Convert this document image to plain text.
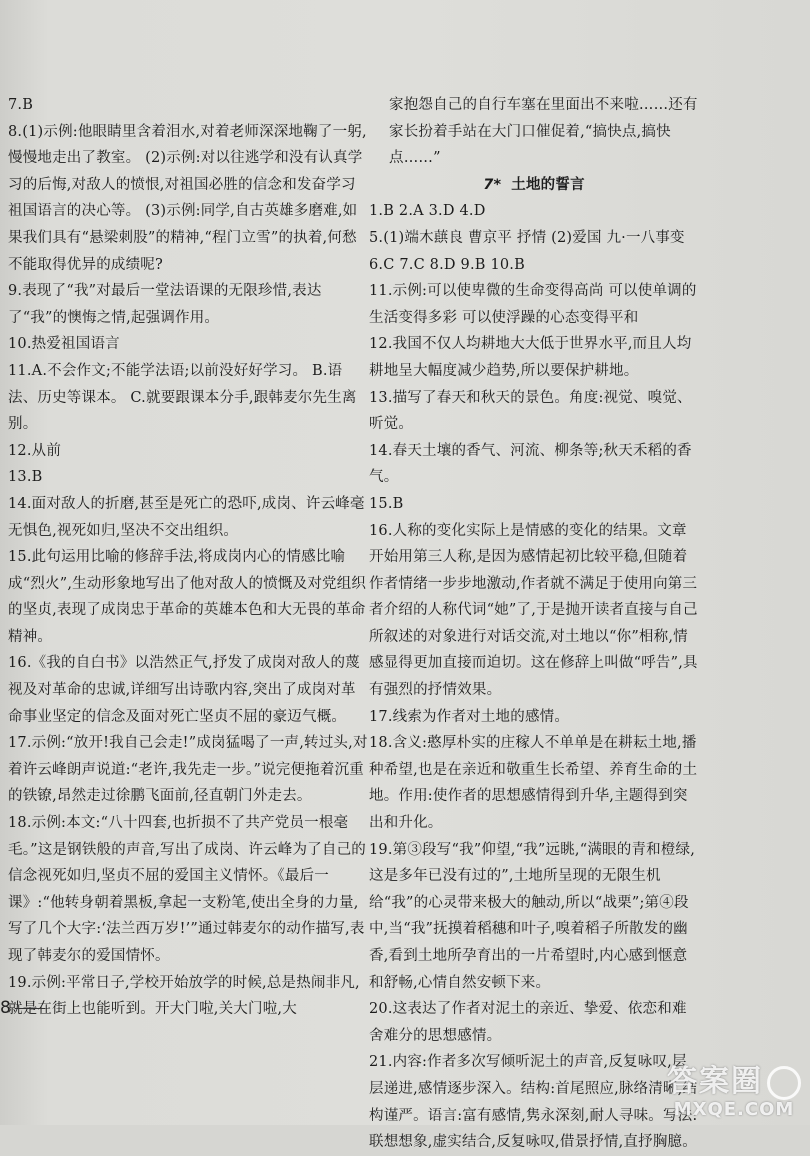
7.B
8.(1)示例:他眼睛里含着泪水,对着老师深深地鞠了一躬,慢慢地走出了教室。 (2)示例:对以往逃学和没有认真学习的后悔,对敌人的愤恨,对祖国必胜的信念和发奋学习祖国语言的决心等。 (3)示例:同学,自古英雄多磨难,如果我们具有“悬梁刺股”的精神,“程门立雪”的执着,何愁不能取得优异的成绩呢?
9.表现了“我”对最后一堂法语课的无限珍惜,表达了“我”的懊悔之情,起强调作用。
10.热爱祖国语言
11.A.不会作文;不能学法语;以前没好好学习。 B.语法、历史等课本。 C.就要跟课本分手,跟韩麦尔先生离别。
12.从前
13.B
14.面对敌人的折磨,甚至是死亡的恐吓,成岗、许云峰毫无惧色,视死如归,坚决不交出组织。
15.此句运用比喻的修辞手法,将成岗内心的情感比喻成“烈火”,生动形象地写出了他对敌人的愤慨及对党组织的坚贞,表现了成岗忠于革命的英雄本色和大无畏的革命精神。
16.《我的自白书》以浩然正气,抒发了成岗对敌人的蔑视及对革命的忠诚,详细写出诗歌内容,突出了成岗对革命事业坚定的信念及面对死亡坚贞不屈的豪迈气概。
17.示例:“放开!我自己会走!”成岗猛喝了一声,转过头,对着许云峰朗声说道:“老许,我先走一步。”说完便拖着沉重的铁镣,昂然走过徐鹏飞面前,径直朝门外走去。
18.示例:本文:“八十四套,也折损不了共产党员一根毫毛。”这是钢铁般的声音,写出了成岗、许云峰为了自己的信念视死如归,坚贞不屈的爱国主义情怀。《最后一课》:“他转身朝着黑板,拿起一支粉笔,使出全身的力量,写了几个大字:‘法兰西万岁!’”通过韩麦尔的动作描写,表现了韩麦尔的爱国情怀。
19.示例:平常日子,学校开始放学的时候,总是热闹非凡,就是在街上也能听到。开大门啦,关大门啦,大
家抱怨自己的自行车塞在里面出不来啦……还有家长扮着手站在大门口催促着,“搞快点,搞快点……”
7* 土地的誓言
1.B 2.A 3.D 4.D
5.(1)端木蕻良 曹京平 抒情 (2)爱国 九·一八事变
6.C 7.C 8.D 9.B 10.B
11.示例:可以使卑微的生命变得高尚 可以使单调的生活变得多彩 可以使浮躁的心态变得平和
12.我国不仅人均耕地大大低于世界水平,而且人均耕地呈大幅度减少趋势,所以要保护耕地。
13.描写了春天和秋天的景色。角度:视觉、嗅觉、听觉。
14.春天土壤的香气、河流、柳条等;秋天禾稻的香气。
15.B
16.人称的变化实际上是情感的变化的结果。文章开始用第三人称,是因为感情起初比较平稳,但随着作者情绪一步步地激动,作者就不满足于使用向第三者介绍的人称代词“她”了,于是抛开读者直接与自己所叙述的对象进行对话交流,对土地以“你”相称,情感显得更加直接而迫切。这在修辞上叫做“呼告”,具有强烈的抒情效果。
17.线索为作者对土地的感情。
18.含义:憨厚朴实的庄稼人不单单是在耕耘土地,播种希望,也是在亲近和敬重生长希望、养育生命的土地。作用:使作者的思想感情得到升华,主题得到突出和升化。
19.第③段写“我”仰望,“我”远眺,“满眼的青和橙绿,这是多年已没有过的”,土地所呈现的无限生机给“我”的心灵带来极大的触动,所以“战栗”;第④段中,当“我”抚摸着稻穗和叶子,嗅着稻子所散发的幽香,看到土地所孕育出的一片希望时,内心感到惬意和舒畅,心情自然安顿下来。
20.这表达了作者对泥土的亲近、挚爱、依恋和难舍难分的思想感情。
21.内容:作者多次写倾听泥土的声音,反复咏叹,层层递进,感情逐步深入。结构:首尾照应,脉络清晰,结构谨严。语言:富有感情,隽永深刻,耐人寻味。写法:联想想象,虚实结合,反复咏叹,借景抒情,直抒胸臆。
8
答案圈
MXQE.COM
